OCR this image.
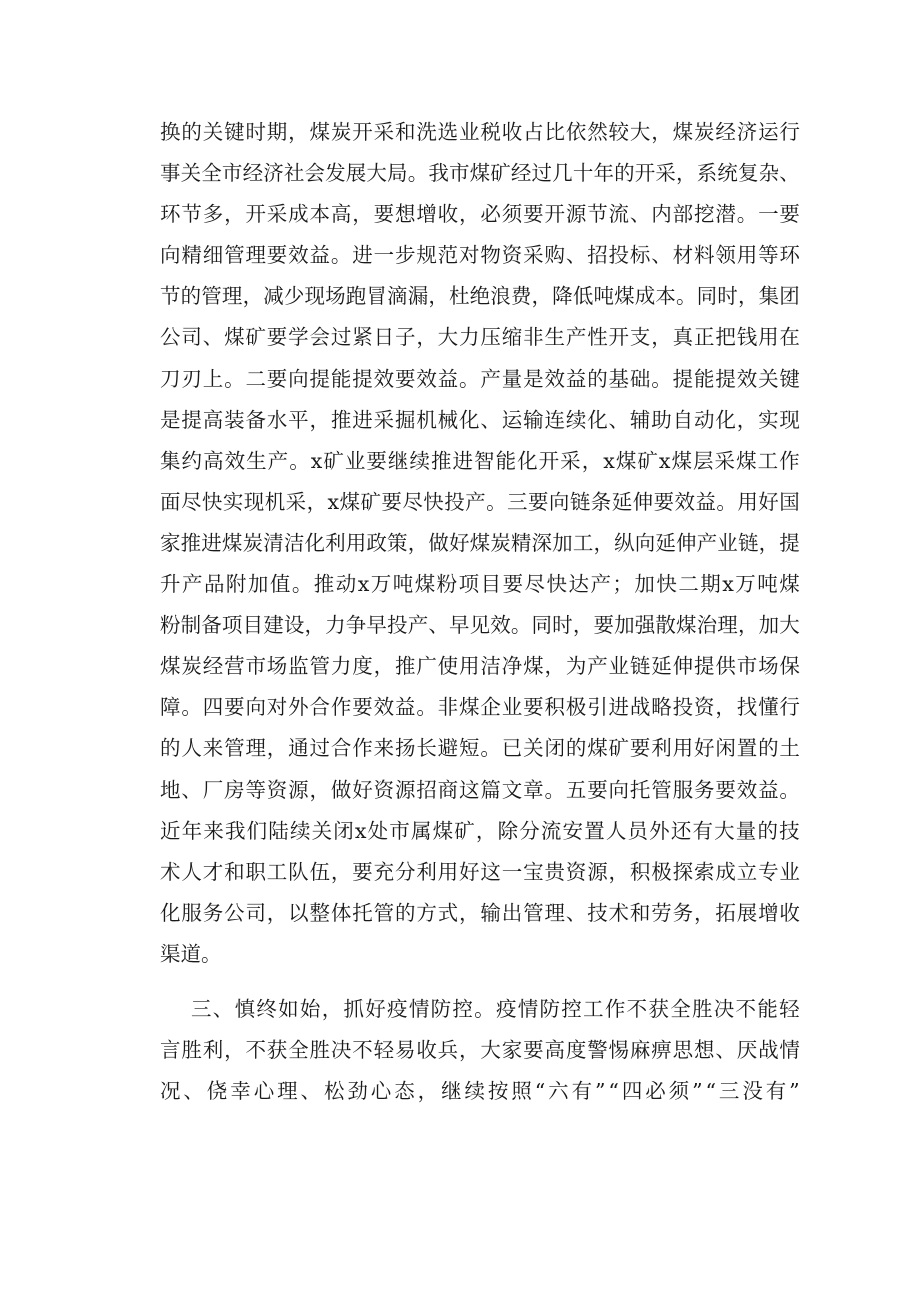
换 的 关 键 时 期 ， 煤 炭 开 采 和 洗 选 业 税 收 占 比 依 然 较 大 ， 煤 炭 经 济 运 行
事 关 全 市 经 济 社 会 发 展 大 局 。 我 市 煤 矿 经 过 几 十 年 的 开 采 ， 系 统 复 杂 、
环 节 多 ， 开 采 成 本 高 ， 要 想 增 收 ， 必 须 要 开 源 节 流 、 内 部 挖 潜 。 一 要
向 精 细 管 理 要 效 益 。 进 一 步 规 范 对 物 资 采 购 、 招 投 标 、 材 料 领 用 等 环
节 的 管 理 ， 减 少 现 场 跑 冒 滴 漏 ， 杜 绝 浪 费 ， 降 低 吨 煤 成 本 。 同 时 ， 集 团
公 司 、 煤 矿 要 学 会 过 紧 日 子 ， 大 力 压 缩 非 生 产 性 开 支 ， 真 正 把 钱 用 在
刀 刃 上 。 二 要 向 提 能 提 效 要 效 益 。 产 量 是 效 益 的 基 础 。 提 能 提 效 关 键
是 提 高 装 备 水 平 ， 推 进 采 掘 机 械 化 、 运 输 连 续 化 、 辅 助 自 动 化 ， 实 现
集 约 高 效 生 产 。 x 矿 业 要 继 续 推 进 智 能 化 开 采 ， x 煤 矿 x 煤 层 采 煤 工 作
面 尽 快 实 现 机 采 ， x 煤 矿 要 尽 快 投 产 。 三 要 向 链 条 延 伸 要 效 益 。 用 好 国
家 推 进 煤 炭 清 洁 化 利 用 政 策 ， 做 好 煤 炭 精 深 加 工 ， 纵 向 延 伸 产 业 链 ， 提
升 产 品 附 加 值 。 推 动 x 万 吨 煤 粉 项 目 要 尽 快 达 产 ； 加 快 二 期 x 万 吨 煤
粉 制 备 项 目 建 设 ， 力 争 早 投 产 、 早 见 效 。 同 时 ， 要 加 强 散 煤 治 理 ， 加 大
煤 炭 经 营 市 场 监 管 力 度 ， 推 广 使 用 洁 净 煤 ， 为 产 业 链 延 伸 提 供 市 场 保
障 。 四 要 向 对 外 合 作 要 效 益 。 非 煤 企 业 要 积 极 引 进 战 略 投 资 ， 找 懂 行
的 人 来 管 理 ， 通 过 合 作 来 扬 长 避 短 。 已 关 闭 的 煤 矿 要 利 用 好 闲 置 的 土
地 、 厂 房 等 资 源 ， 做 好 资 源 招 商 这 篇 文 章 。 五 要 向 托 管 服 务 要 效 益 。
近 年 来 我 们 陆 续 关 闭 x 处 市 属 煤 矿 ， 除 分 流 安 置 人 员 外 还 有 大 量 的 技
术 人 才 和 职 工 队 伍 ， 要 充 分 利 用 好 这 一 宝 贵 资 源 ， 积 极 探 索 成 立 专 业
化 服 务 公 司 ， 以 整 体 托 管 的 方 式 ， 输 出 管 理 、 技 术 和 劳 务 ， 拓 展 增 收
渠道。
三 、 慎 终 如 始 ， 抓 好 疫 情 防 控 。 疫 情 防 控 工 作 不 获 全 胜 决 不 能 轻
言 胜 利 ， 不 获 全 胜 决 不 轻 易 收 兵 ， 大 家 要 高 度 警 惕 麻 痹 思 想 、 厌 战 情
况 、 侥 幸 心 理 、 松 劲 心 态 ， 继 续 按 照 “ 六 有 ” “ 四 必 须 ” “ 三 没 有 ”
